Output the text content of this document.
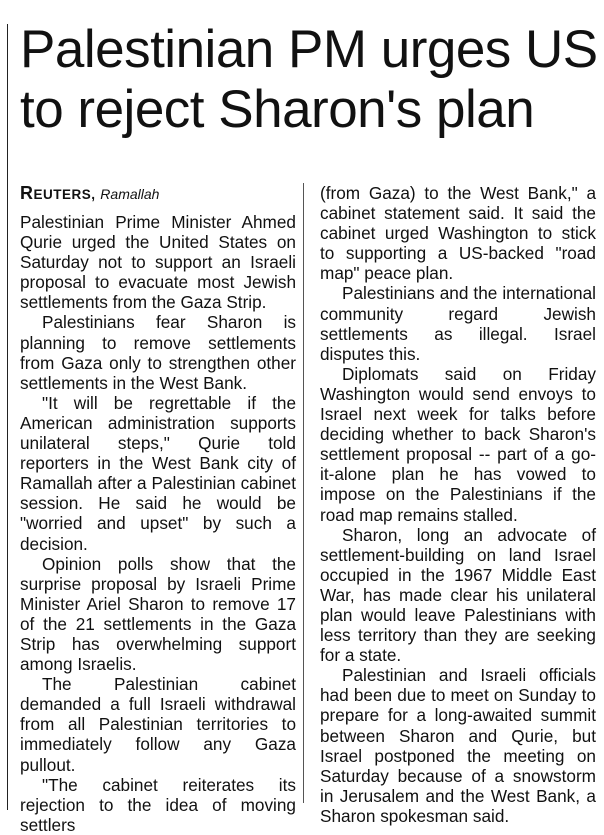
Palestinian PM urges US
to reject Sharon's plan
REUTERS, Ramallah

Palestinian Prime Minister Ahmed Qurie urged the United States on Saturday not to support an Israeli proposal to evacuate most Jewish settlements from the Gaza Strip.

Palestinians fear Sharon is planning to remove settlements from Gaza only to strengthen other settlements in the West Bank.

"It will be regrettable if the American administration supports unilateral steps," Qurie told reporters in the West Bank city of Ramallah after a Palestinian cabinet session. He said he would be "worried and upset" by such a decision.

Opinion polls show that the surprise proposal by Israeli Prime Minister Ariel Sharon to remove 17 of the 21 settlements in the Gaza Strip has overwhelming support among Israelis.

The Palestinian cabinet demanded a full Israeli withdrawal from all Palestinian territories to immediately follow any Gaza pullout.

"The cabinet reiterates its rejection to the idea of moving settlers

(from Gaza) to the West Bank," a cabinet statement said. It said the cabinet urged Washington to stick to supporting a US-backed "road map" peace plan.

Palestinians and the international community regard Jewish settlements as illegal. Israel disputes this.

Diplomats said on Friday Washington would send envoys to Israel next week for talks before deciding whether to back Sharon's settlement proposal -- part of a go-it-alone plan he has vowed to impose on the Palestinians if the road map remains stalled.

Sharon, long an advocate of settlement-building on land Israel occupied in the 1967 Middle East War, has made clear his unilateral plan would leave Palestinians with less territory than they are seeking for a state.

Palestinian and Israeli officials had been due to meet on Sunday to prepare for a long-awaited summit between Sharon and Qurie, but Israel postponed the meeting on Saturday because of a snowstorm in Jerusalem and the West Bank, a Sharon spokesman said.
